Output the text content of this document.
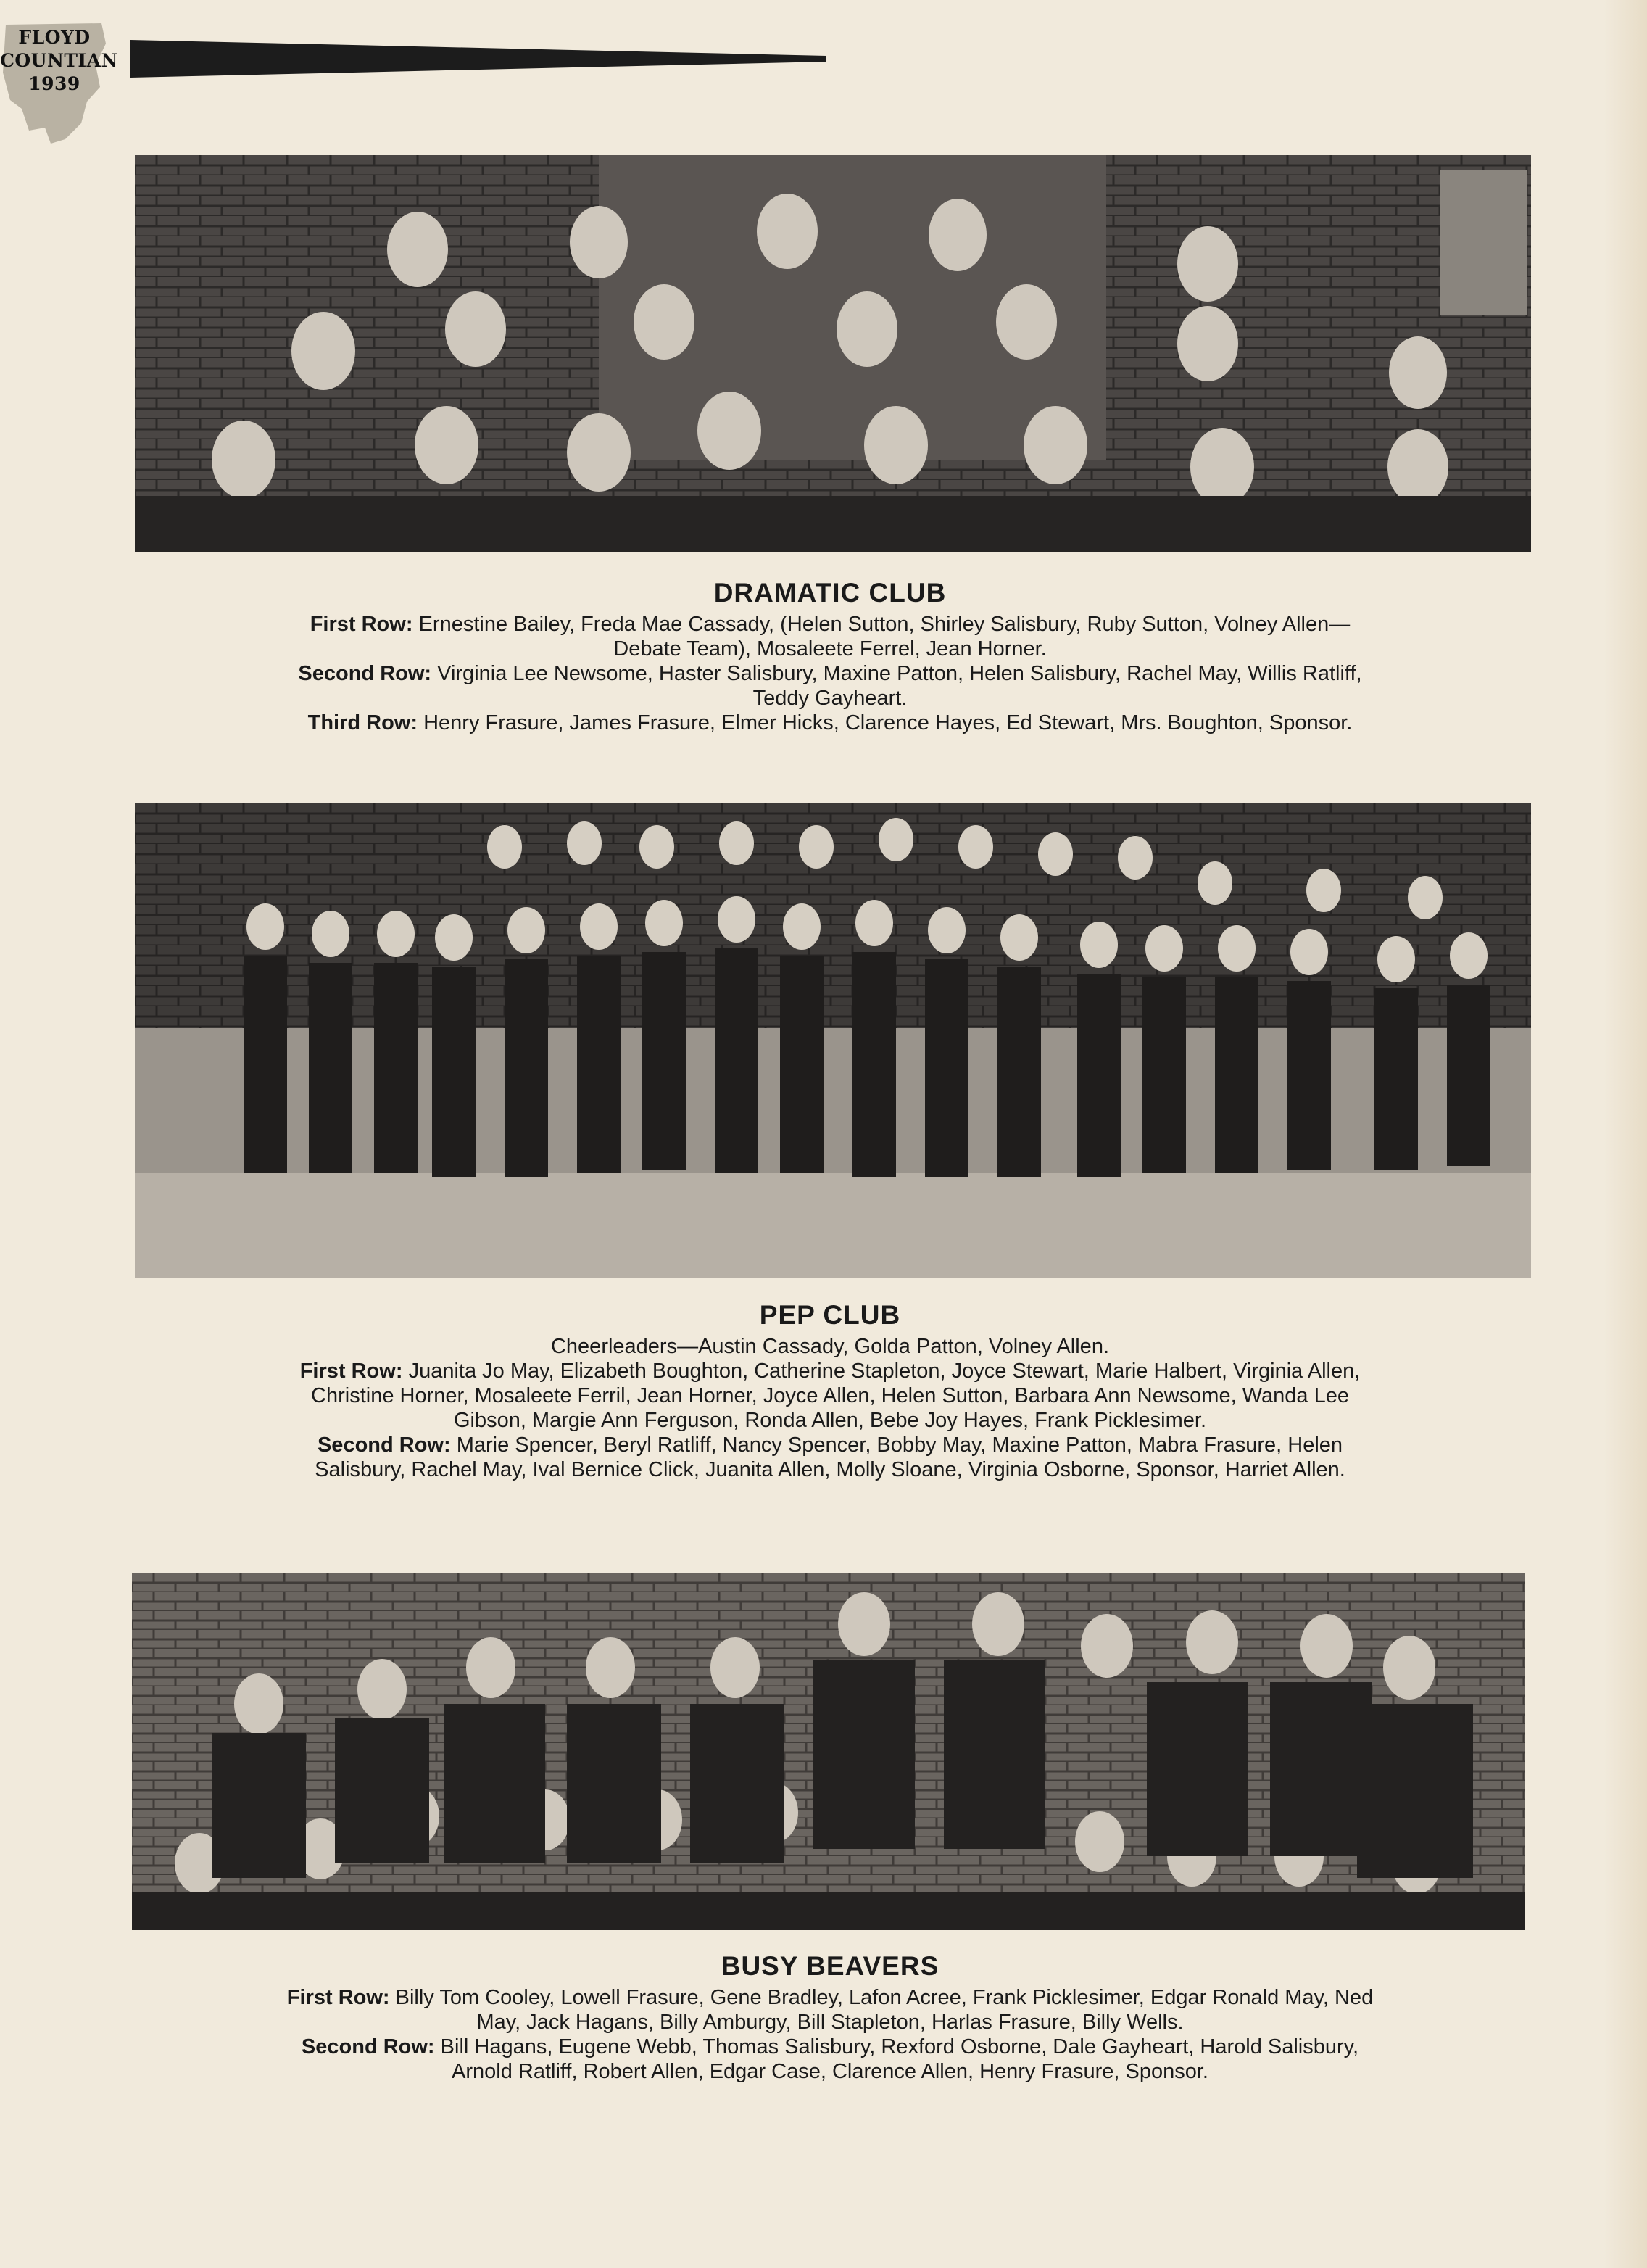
FLOYD
COUNTIAN
1939
DRAMATIC CLUB

First Row: Ernestine Bailey, Freda Mae Cassady, (Helen Sutton, Shirley Salisbury, Ruby Sutton, Volney Allen—Debate Team), Mosaleete Ferrel, Jean Horner.

Second Row: Virginia Lee Newsome, Haster Salisbury, Maxine Patton, Helen Salisbury, Rachel May, Willis Ratliff, Teddy Gayheart.

Third Row: Henry Frasure, James Frasure, Elmer Hicks, Clarence Hayes, Ed Stewart, Mrs. Boughton, Sponsor.

PEP CLUB

Cheerleaders—Austin Cassady, Golda Patton, Volney Allen.

First Row: Juanita Jo May, Elizabeth Boughton, Catherine Stapleton, Joyce Stewart, Marie Halbert, Virginia Allen, Christine Horner, Mosaleete Ferril, Jean Horner, Joyce Allen, Helen Sutton, Barbara Ann Newsome, Wanda Lee Gibson, Margie Ann Ferguson, Ronda Allen, Bebe Joy Hayes, Frank Picklesimer.

Second Row: Marie Spencer, Beryl Ratliff, Nancy Spencer, Bobby May, Maxine Patton, Mabra Frasure, Helen Salisbury, Rachel May, Ival Bernice Click, Juanita Allen, Molly Sloane, Virginia Osborne, Sponsor, Harriet Allen.

BUSY BEAVERS

First Row: Billy Tom Cooley, Lowell Frasure, Gene Bradley, Lafon Acree, Frank Picklesimer, Edgar Ronald May, Ned May, Jack Hagans, Billy Amburgy, Bill Stapleton, Harlas Frasure, Billy Wells.

Second Row: Bill Hagans, Eugene Webb, Thomas Salisbury, Rexford Osborne, Dale Gayheart, Harold Salisbury, Arnold Ratliff, Robert Allen, Edgar Case, Clarence Allen, Henry Frasure, Sponsor.
